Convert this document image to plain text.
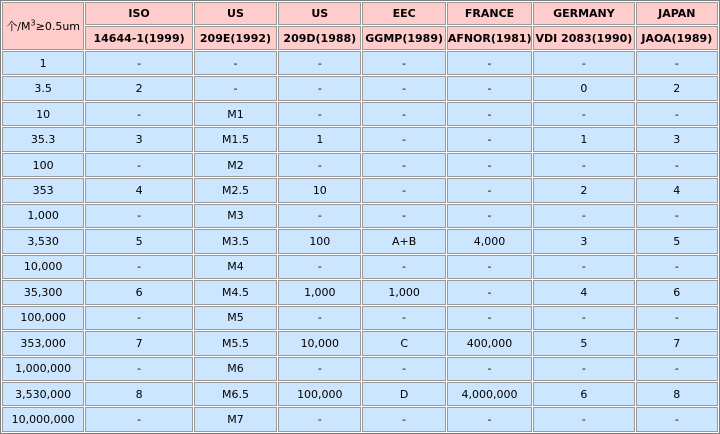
个$/M^3\ge 0.5um$	ISO	US	US	EEC	FRANCE	GERMANY	JAPAN
	14644-1(1999)	209E(1992)	209D(1988)	GGMP(1989)	AFNOR(1981)	VDI 2083(1990)	JAOA(1989)
1	-	-	-	-	-	-	-
3.5	2	-	-	-	-	0	2
10	-	M1	-	-	-	-	-
35.3	3	M1.5	1	-	-	1	3
100	-	M2	-	-	-	-	-
353	4	M2.5	10	-	-	2	4
1,000	-	M3	-	-	-	-	-
3,530	5	M3.5	100	A+B	4,000	3	5
10,000	-	M4	-	-	-	-	-
35,300	6	M4.5	1,000	1,000	-	4	6
100,000	-	M5	-	-	-	-	-
353,000	7	M5.5	10,000	C	400,000	5	7
1,000,000	-	M6	-	-	-	-	-
3,530,000	8	M6.5	100,000	D	4,000,000	6	8
10,000,000	-	M7	-	-	-	-	-
